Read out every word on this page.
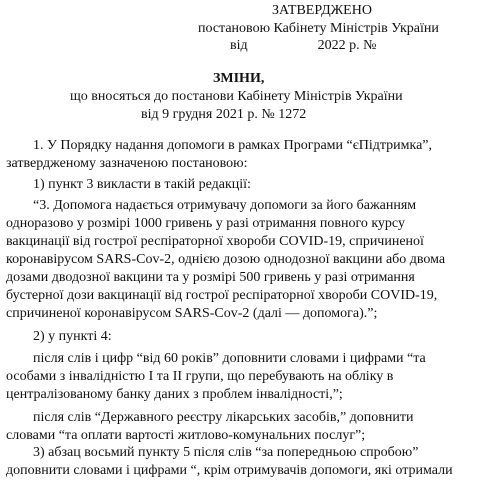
ЗАТВЕРДЖЕНО
постановою Кабінету Міністрів України
від                    2022 р. №
ЗМІНИ,
що вносяться до постанови Кабінету Міністрів України
від 9 грудня 2021 р. № 1272
1. У Порядку надання допомоги в рамках Програми “єПідтримка”,
затвердженому зазначеною постановою:
1) пункт 3 викласти в такій редакції:
“3. Допомога надається отримувачу допомоги за його бажанням
одноразово у розмірі 1000 гривень у разі отримання повного курсу
вакцинації від гострої респіраторної хвороби COVID-19, спричиненої
коронавірусом SARS-Cov-2, однією дозою однодозної вакцини або двома
дозами дводозної вакцини та у розмірі 500 гривень у разі отримання
бустерної дози вакцинації від гострої респіраторної хвороби COVID-19,
спричиненої коронавірусом SARS-Cov-2 (далі — допомога).”;
2) у пункті 4:
після слів і цифр “від 60 років” доповнити словами і цифрами “та
особами з інвалідністю I та II групи, що перебувають на обліку в
централізованому банку даних з проблем інвалідності,”;
після слів “Державного реєстру лікарських засобів,” доповнити
словами “та оплати вартості житлово-комунальних послуг”;
3) абзац восьмий пункту 5 після слів “за попередньою спробою”
доповнити словами і цифрами “, крім отримувачів допомоги, які отримали
